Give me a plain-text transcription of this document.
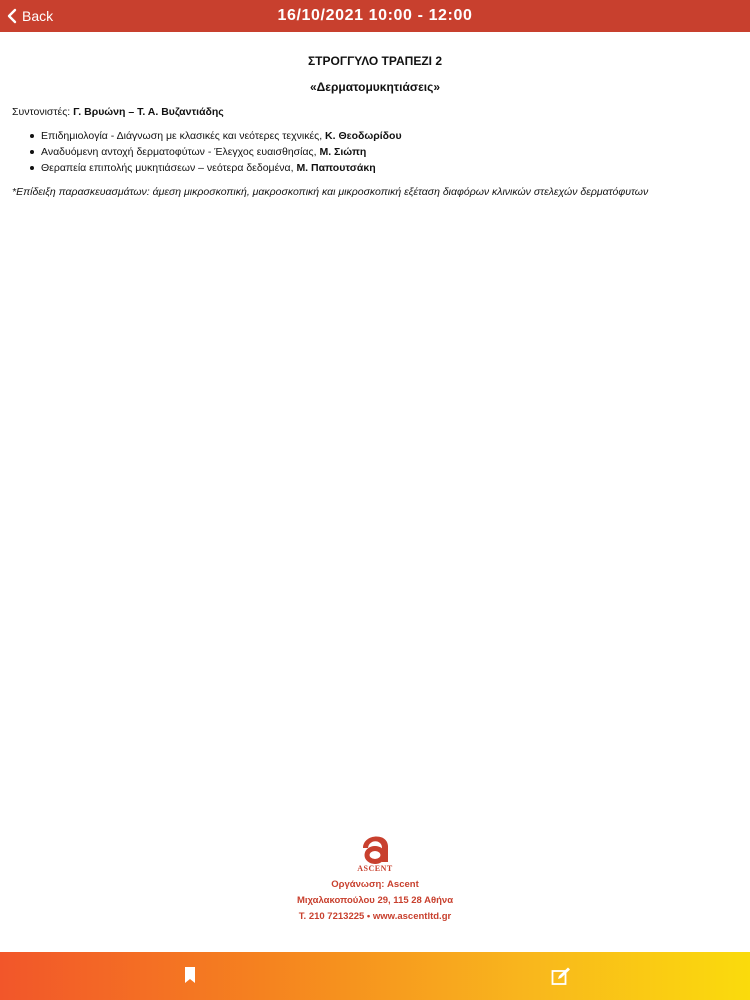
Back	16/10/2021 10:00 - 12:00
ΣΤΡΟΓΓΥΛΟ ΤΡΑΠΕΖΙ 2
«Δερματομυκητιάσεις»
Συντονιστές: Γ. Βρυώνη – Τ. Α. Βυζαντιάδης
Επιδημιολογία - Διάγνωση με κλασικές και νεότερες τεχνικές, Κ. Θεοδωρίδου
Αναδυόμενη αντοχή δερματοφύτων - Έλεγχος ευαισθησίας, Μ. Σιώπη
Θεραπεία επιπολής μυκητιάσεων – νεότερα δεδομένα, Μ. Παπουτσάκη
*Επίδειξη παρασκευασμάτων: άμεση μικροσκοπική, μακροσκοπική και μικροσκοπική εξέταση διαφόρων κλινικών στελεχών δερματόφυτων
ASCENT
Οργάνωση: Ascent
Μιχαλακοπούλου 29, 115 28 Αθήνα
Τ. 210 7213225 • www.ascentltd.gr
